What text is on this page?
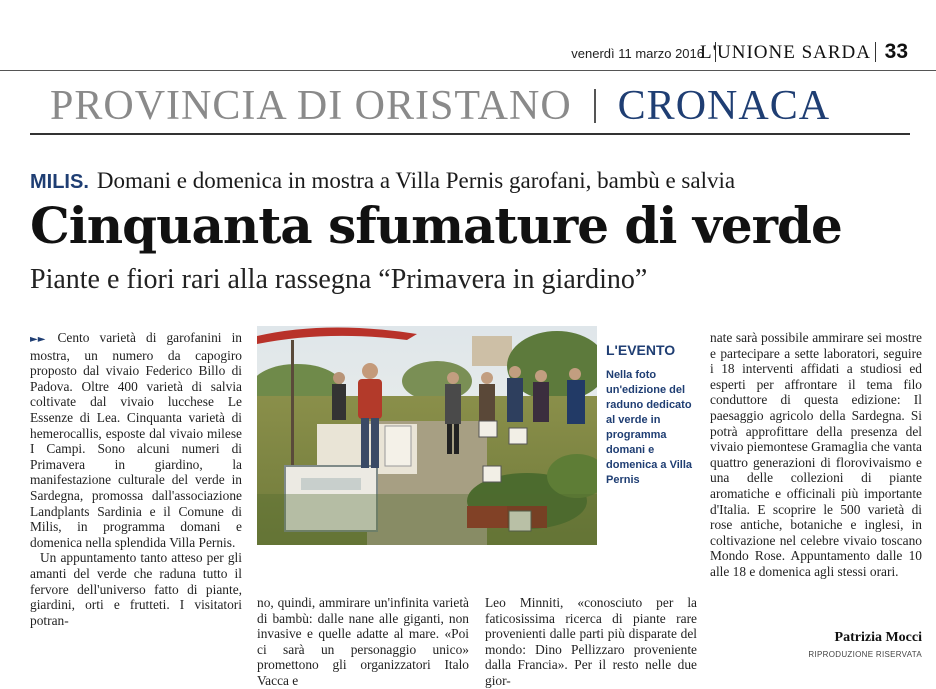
venerdì 11 marzo 2016
L'UNIONE SARDA 33
PROVINCIA DI ORISTANO CRONACA
MILIS. Domani e domenica in mostra a Villa Pernis garofani, bambù e salvia
Cinquanta sfumature di verde
Piante e fiori rari alla rassegna “Primavera in giardino”

►► Cento varietà di garofanini in mostra, un numero da capogiro proposto dal vivaio Federico Billo di Padova. Oltre 400 varietà di salvia coltivate dal vivaio lucchese Le Essenze di Lea. Cinquanta varietà di hemerocallis, esposte dal vivaio milese I Campi. Sono alcuni numeri di Primavera in giardino, la manifestazione culturale del verde in Sardegna, promossa dall'associazione Landplants Sardinia e il Comune di Milis, in programma domani e domenica nella splendida Villa Pernis.

Un appuntamento tanto atteso per gli amanti del verde che raduna tutto il fervore dell'universo fatto di piante, giardini, orti e frutteti. I visitatori potran-

L'EVENTO
Nella foto un'edizione del raduno dedicato al verde in programma domani e domenica a Villa Pernis

no, quindi, ammirare un'infinita varietà di bambù: dalle nane alle giganti, non invasive e quelle adatte al mare. «Poi ci sarà un personaggio unico» promettono gli organizzatori Italo Vacca e

Leo Minniti, «conosciuto per la faticosissima ricerca di piante rare provenienti dalle parti più disparate del mondo: Dino Pellizzaro proveniente dalla Francia». Per il resto nelle due gior-

nate sarà possibile ammirare sei mostre e partecipare a sette laboratori, seguire i 18 interventi affidati a studiosi ed esperti per affrontare il tema filo conduttore di questa edizione: Il paesaggio agricolo della Sardegna. Si potrà approfittare della presenza del vivaio piemontese Gramaglia che vanta quattro generazioni di florovivaismo e una delle collezioni di piante aromatiche e officinali più importante d'Italia. E scoprire le 500 varietà di rose antiche, botaniche e inglesi, in coltivazione nel celebre vivaio toscano Mondo Rose. Appuntamento dalle 10 alle 18 e domenica agli stessi orari.

Patrizia Mocci
RIPRODUZIONE RISERVATA
